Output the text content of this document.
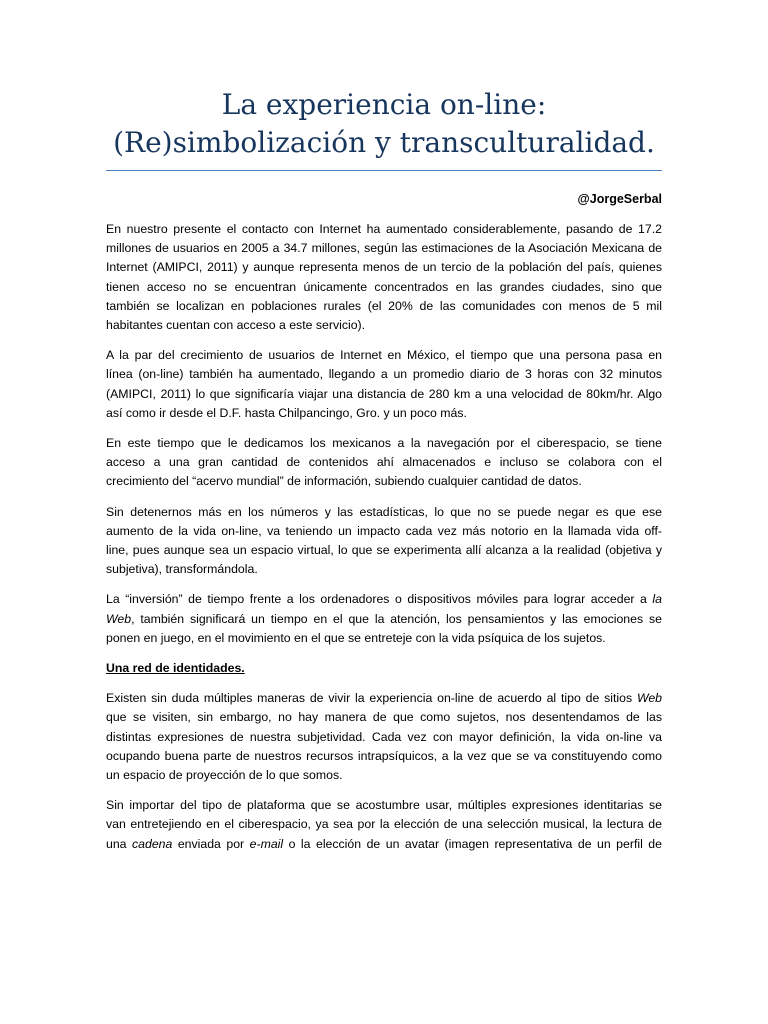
La experiencia on-line:
(Re)simbolización y transculturalidad.
@JorgeSerbal

En nuestro presente el contacto con Internet ha aumentado considerablemente, pasando de 17.2
millones de usuarios en 2005 a 34.7 millones, según las estimaciones de la Asociación Mexicana de
Internet (AMIPCI, 2011) y aunque representa menos de un tercio de la población del país, quienes
tienen acceso no se encuentran únicamente concentrados en las grandes ciudades, sino que
también se localizan en poblaciones rurales (el 20% de las comunidades con menos de 5 mil
habitantes cuentan con acceso a este servicio).

A la par del crecimiento de usuarios de Internet en México, el tiempo que una persona pasa en
línea (on-line) también ha aumentado, llegando a un promedio diario de 3 horas con 32 minutos
(AMIPCI, 2011) lo que significaría viajar una distancia de 280 km a una velocidad de 80km/hr. Algo
así como ir desde el D.F. hasta Chilpancingo, Gro. y un poco más.

En este tiempo que le dedicamos los mexicanos a la navegación por el ciberespacio, se tiene
acceso a una gran cantidad de contenidos ahí almacenados e incluso se colabora con el
crecimiento del “acervo mundial” de información, subiendo cualquier cantidad de datos.

Sin detenernos más en los números y las estadísticas, lo que no se puede negar es que ese
aumento de la vida on-line, va teniendo un impacto cada vez más notorio en la llamada vida off-
line, pues aunque sea un espacio virtual, lo que se experimenta allí alcanza a la realidad (objetiva y
subjetiva), transformándola.

La “inversión” de tiempo frente a los ordenadores o dispositivos móviles para lograr acceder a la
Web, también significará un tiempo en el que la atención, los pensamientos y las emociones se
ponen en juego, en el movimiento en el que se entreteje con la vida psíquica de los sujetos.

Una red de identidades.

Existen sin duda múltiples maneras de vivir la experiencia on-line de acuerdo al tipo de sitios Web
que se visiten, sin embargo, no hay manera de que como sujetos, nos desentendamos de las
distintas expresiones de nuestra subjetividad. Cada vez con mayor definición, la vida on-line va
ocupando buena parte de nuestros recursos intrapsíquicos, a la vez que se va constituyendo como
un espacio de proyección de lo que somos.

Sin importar del tipo de plataforma que se acostumbre usar, múltiples expresiones identitarias se
van entretejiendo en el ciberespacio, ya sea por la elección de una selección musical, la lectura de
una cadena enviada por e-mail o la elección de un avatar (imagen representativa de un perfil de
